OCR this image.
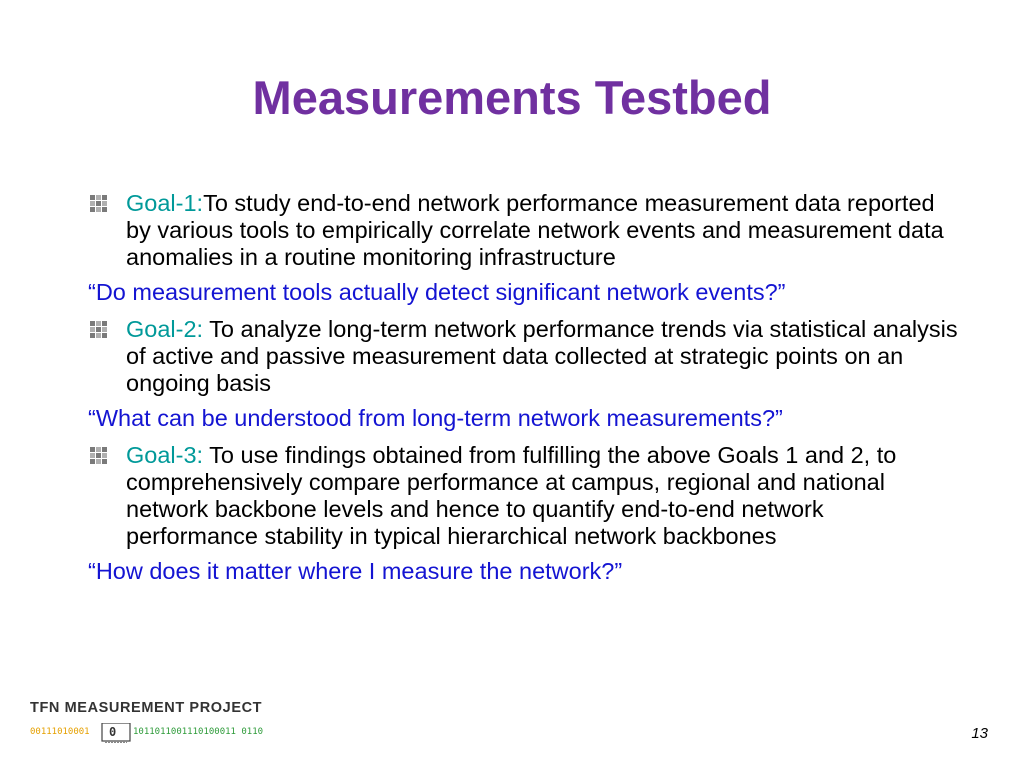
Measurements Testbed
Goal-1:To study end-to-end network performance measurement data reported by various tools to empirically correlate network events and measurement data anomalies in a routine monitoring infrastructure
“Do measurement tools actually detect significant network events?”
Goal-2: To analyze long-term network performance trends via statistical analysis of active and passive measurement data collected at strategic points on an ongoing basis
“What can be understood from long-term network measurements?”
Goal-3: To use findings obtained from fulfilling the above Goals 1 and 2, to comprehensively compare performance at campus, regional and national network backbone levels and hence to quantify end-to-end network performance stability in typical hierarchical network backbones
“How does it matter where I measure the network?”
TFN MEASUREMENT PROJECT
00111010001 0 1011011001110100011 0110	13
